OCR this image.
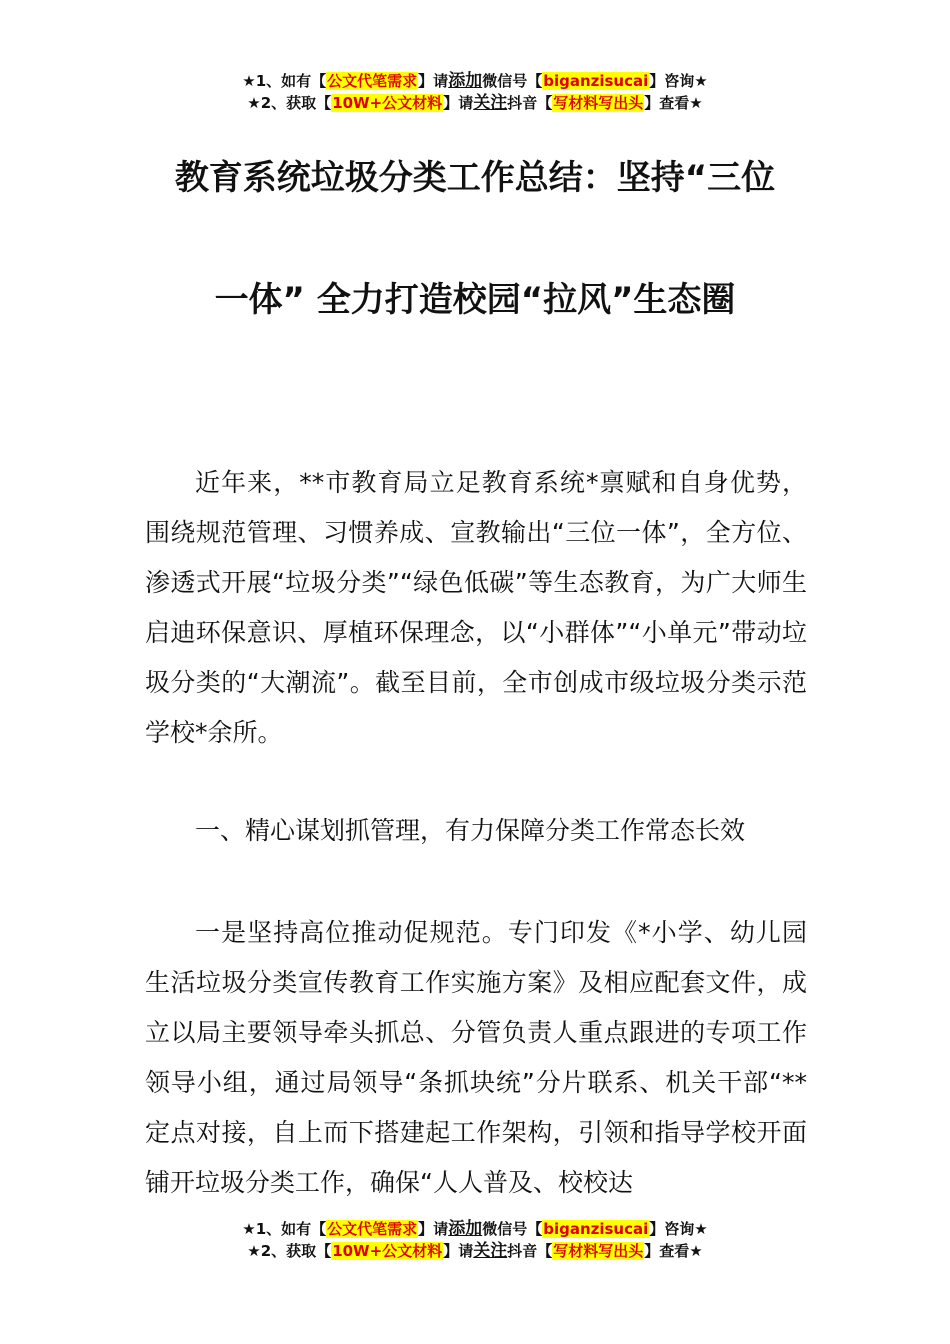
★1、如有【公文代笔需求】请添加微信号【biganzisucai】咨询★
★2、获取【10W+公文材料】请关注抖音【写材料写出头】查看★
教育系统垃圾分类工作总结：坚持“三位
一体” 全力打造校园“拉风”生态圈

近年来，**市教育局立足教育系统*禀赋和自身优势，围绕规范管理、习惯养成、宣教输出“三位一体”，全方位、渗透式开展“垃圾分类”“绿色低碳”等生态教育，为广大师生启迪环保意识、厚植环保理念，以“小群体”“小单元”带动垃圾分类的“大潮流”。截至目前，全市创成市级垃圾分类示范学校*余所。

一、精心谋划抓管理，有力保障分类工作常态长效

一是坚持高位推动促规范。专门印发《*小学、幼儿园生活垃圾分类宣传教育工作实施方案》及相应配套文件，成立以局主要领导牵头抓总、分管负责人重点跟进的专项工作领导小组，通过局领导“条抓块统”分片联系、机关干部“**定点对接，自上而下搭建起工作架构，引领和指导学校开面铺开垃圾分类工作，确保“人人普及、校校达

★1、如有【公文代笔需求】请添加微信号【biganzisucai】咨询★
★2、获取【10W+公文材料】请关注抖音【写材料写出头】查看★
